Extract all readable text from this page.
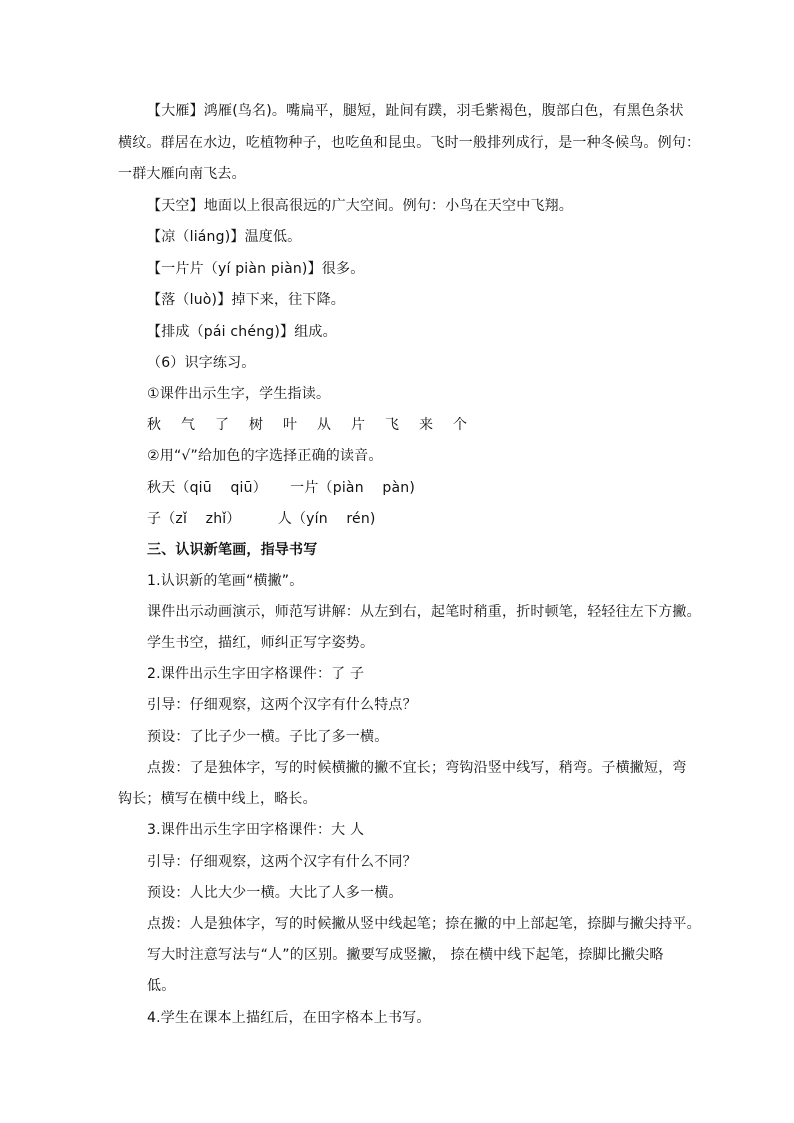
【大雁】鸿雁(鸟名)。嘴扁平，腿短，趾间有蹼，羽毛紫褐色，腹部白色，有黑色条状
横纹。群居在水边，吃植物种子，也吃鱼和昆虫。飞时一般排列成行，是一种冬候鸟。例句：
一群大雁向南飞去。
【天空】地面以上很高很远的广大空间。例句：小鸟在天空中飞翔。
【凉（liáng)】温度低。
【一片片（yí piàn piàn)】很多。
【落（luò)】掉下来，往下降。
【排成（pái chéng)】组成。
（6）识字练习。
①课件出示生字，学生指读。
秋气了树叶从片飞来个
②用“√”给加色的字选择正确的读音。
秋天（qiū    qiū）     一片（piàn    pàn)
子（zǐ    zhǐ）        人（yín    rén)
三、认识新笔画，指导书写
1.认识新的笔画“横撇”。
课件出示动画演示，师范写讲解：从左到右，起笔时稍重，折时顿笔，轻轻往左下方撇。
学生书空，描红，师纠正写字姿势。
2.课件出示生字田字格课件：了 子
引导：仔细观察，这两个汉字有什么特点？
预设：了比子少一横。子比了多一横。
点拨：了是独体字，写的时候横撇的撇不宜长；弯钩沿竖中线写，稍弯。子横撇短，弯
钩长；横写在横中线上，略长。
3.课件出示生字田字格课件：大 人
引导：仔细观察，这两个汉字有什么不同？
预设：人比大少一横。大比了人多一横。
点拨：人是独体字，写的时候撇从竖中线起笔；捺在撇的中上部起笔，捺脚与撇尖持平。
写大时注意写法与“人”的区别。撇要写成竖撇， 捺在横中线下起笔，捺脚比撇尖略
低。
4.学生在课本上描红后，在田字格本上书写。
